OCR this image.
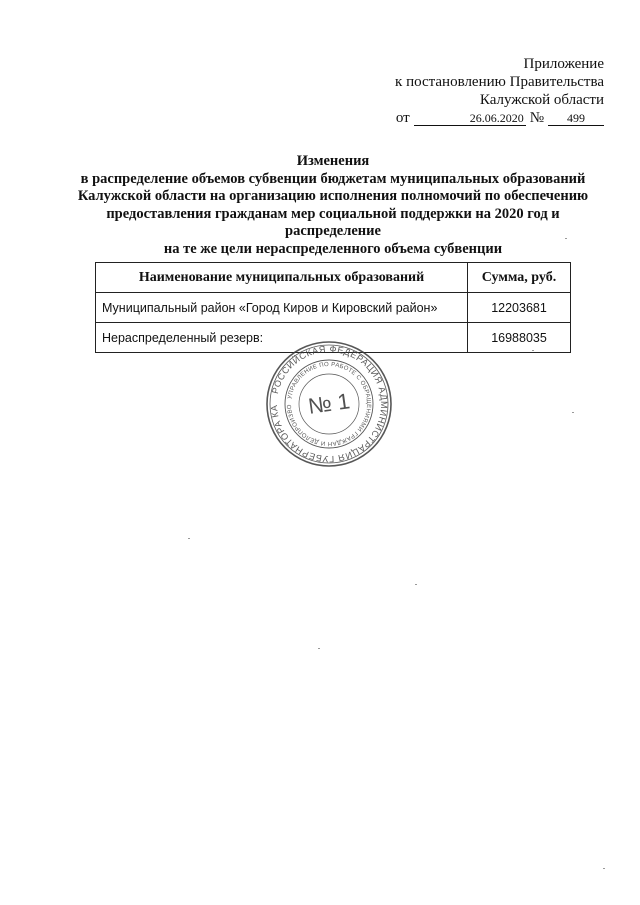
Приложение
к постановлению Правительства
Калужской области
от	26.06.2020 №	499
Изменения
в распределение объемов субвенции бюджетам муниципальных образований
Калужской области на организацию исполнения полномочий по обеспечению
предоставления гражданам мер социальной поддержки на 2020 год и распределение
на те же цели нераспределенного объема субвенции
Наименование муниципальных образований	Сумма, руб.
Муниципальный район «Город Киров и Кировский район»	12203681
Нераспределенный резерв:	16988035
РОССИЙСКАЯ ФЕДЕРАЦИЯ АДМИНИСТРАЦИЯ ГУБЕРНАТОРА КА
УПРАВЛЕНИЕ ПО РАБОТЕ С ОБРАЩЕНИЯМИ ГРАЖДАН И ДЕЛОПРОИЗВО № 1
